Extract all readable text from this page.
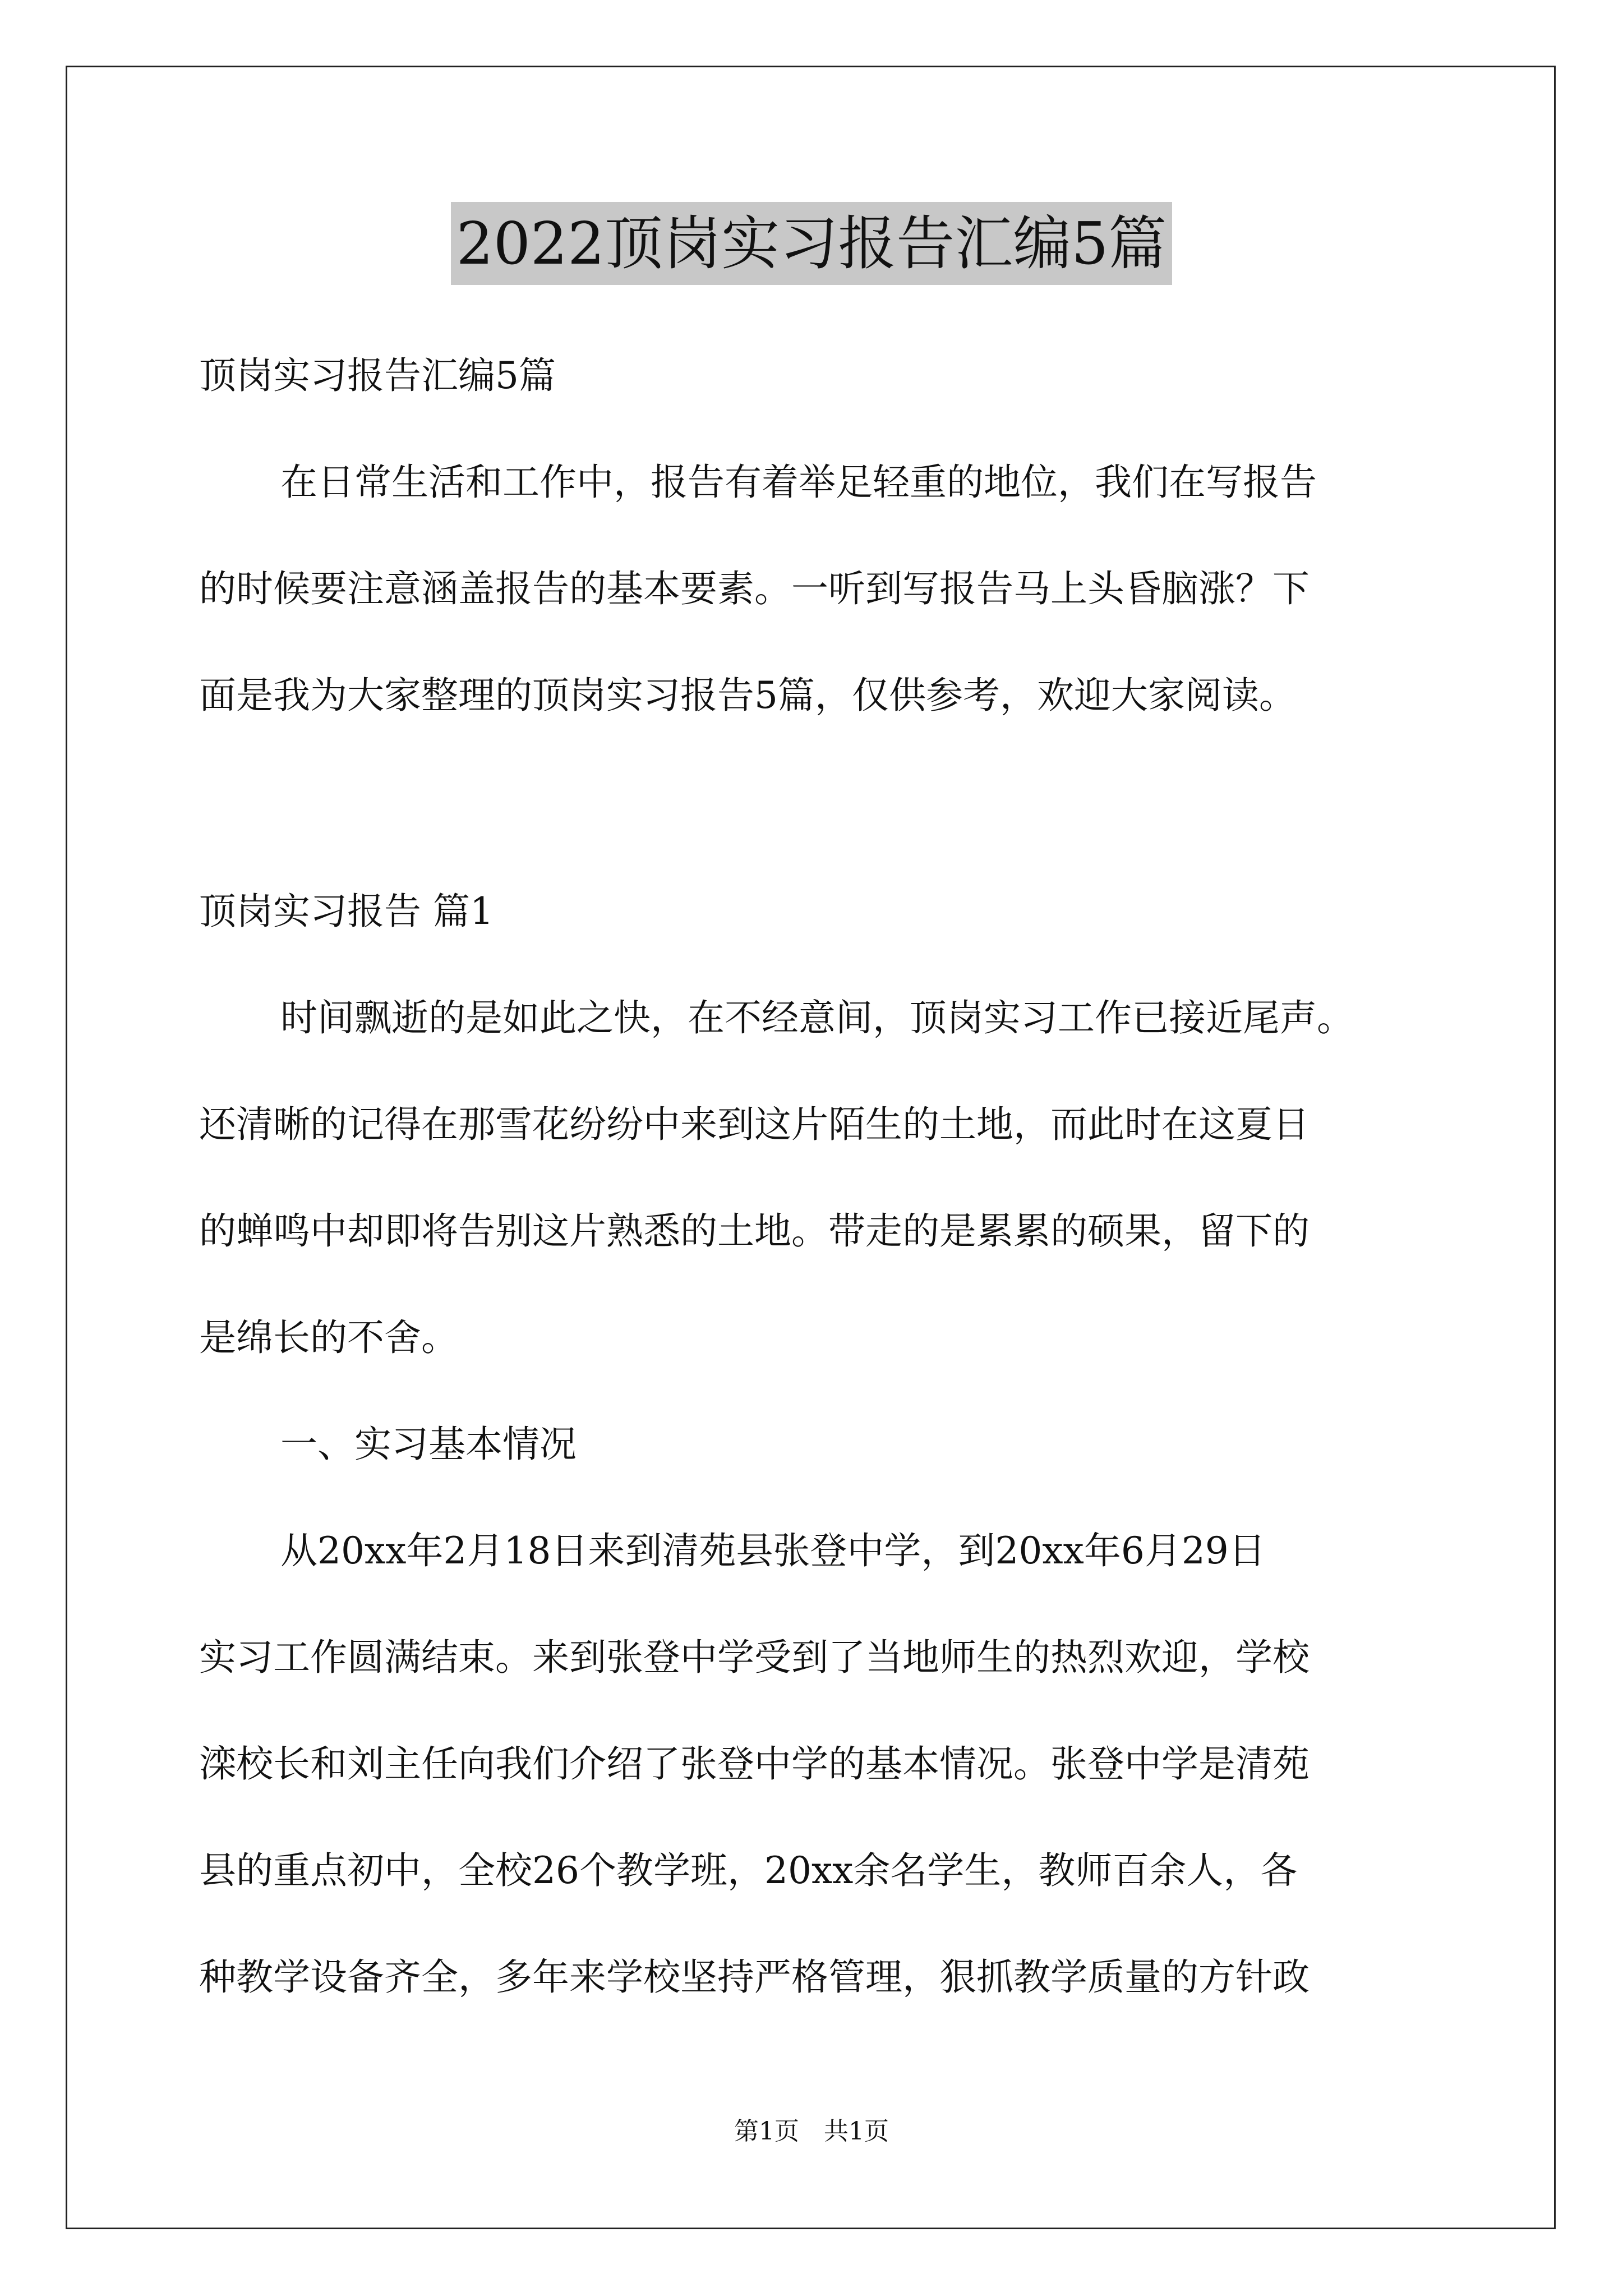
2022顶岗实习报告汇编5篇
顶岗实习报告汇编5篇
在日常生活和工作中，报告有着举足轻重的地位，我们在写报告
的时候要注意涵盖报告的基本要素。一听到写报告马上头昏脑涨？下
面是我为大家整理的顶岗实习报告5篇，仅供参考，欢迎大家阅读。
顶岗实习报告 篇1
时间飘逝的是如此之快，在不经意间，顶岗实习工作已接近尾声。
还清晰的记得在那雪花纷纷中来到这片陌生的土地，而此时在这夏日
的蝉鸣中却即将告别这片熟悉的土地。带走的是累累的硕果，留下的
是绵长的不舍。
一、实习基本情况
从20xx年2月18日来到清苑县张登中学，到20xx年6月29日
实习工作圆满结束。来到张登中学受到了当地师生的热烈欢迎，学校
滦校长和刘主任向我们介绍了张登中学的基本情况。张登中学是清苑
县的重点初中，全校26个教学班，20xx余名学生，教师百余人，各
种教学设备齐全，多年来学校坚持严格管理，狠抓教学质量的方针政
第1页　共1页
